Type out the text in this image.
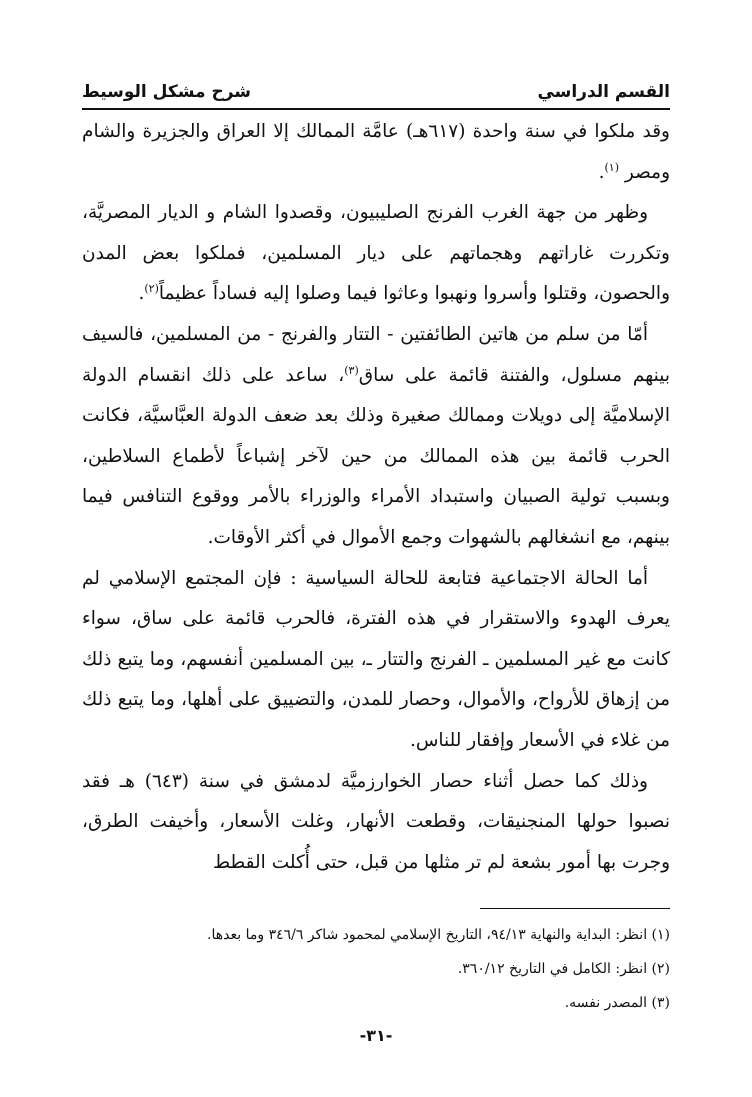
القسم الدراسي
شرح مشكل الوسيط

وقد ملكوا في سنة واحدة (٦١٧هـ) عامَّة الممالك إلا العراق والجزيرة والشام ومصر $^{(١)}$.

وظهر من جهة الغرب الفرنج الصليبيون، وقصدوا الشام و الديار المصريَّة، وتكررت غاراتهم وهجماتهم على ديار المسلمين، فملكوا بعض المدن والحصون، وقتلوا وأسروا ونهبوا وعاثوا فيما وصلوا إليه فساداً عظيماً$^{(٢)}$.

أمّا من سلم من هاتين الطائفتين - التتار والفرنج - من المسلمين، فالسيف بينهم مسلول، والفتنة قائمة على ساق$^{(٣)}$، ساعد على ذلك انقسام الدولة الإسلاميَّة إلى دويلات وممالك صغيرة وذلك بعد ضعف الدولة العبَّاسيَّة، فكانت الحرب قائمة بين هذه الممالك من حين لآخر إشباعاً لأطماع السلاطين، وبسبب تولية الصبيان واستبداد الأمراء والوزراء بالأمر ووقوع التنافس فيما بينهم، مع انشغالهم بالشهوات وجمع الأموال في أكثر الأوقات.

أما الحالة الاجتماعية فتابعة للحالة السياسية : فإن المجتمع الإسلامي لم يعرف الهدوء والاستقرار في هذه الفترة، فالحرب قائمة على ساق، سواء كانت مع غير المسلمين ـ الفرنج والتتار ـ، بين المسلمين أنفسهم، وما يتبع ذلك من إزهاق للأرواح، والأموال، وحصار للمدن، والتضييق على أهلها، وما يتبع ذلك من غلاء في الأسعار وإفقار للناس.

وذلك كما حصل أثناء حصار الخوارزميَّة لدمشق في سنة (٦٤٣) هـ فقد نصبوا حولها المنجنيقات، وقطعت الأنهار، وغلت الأسعار، وأخيفت الطرق، وجرت بها أمور بشعة لم تر مثلها من قبل، حتى أُكلت القطط

(١) انظر: البداية والنهاية ٩٤/١٣، التاريخ الإسلامي لمحمود شاكر ٣٤٦/٦ وما بعدها.
(٢) انظر: الكامل في التاريخ ٣٦٠/١٢.
(٣) المصدر نفسه.
-٣١-
